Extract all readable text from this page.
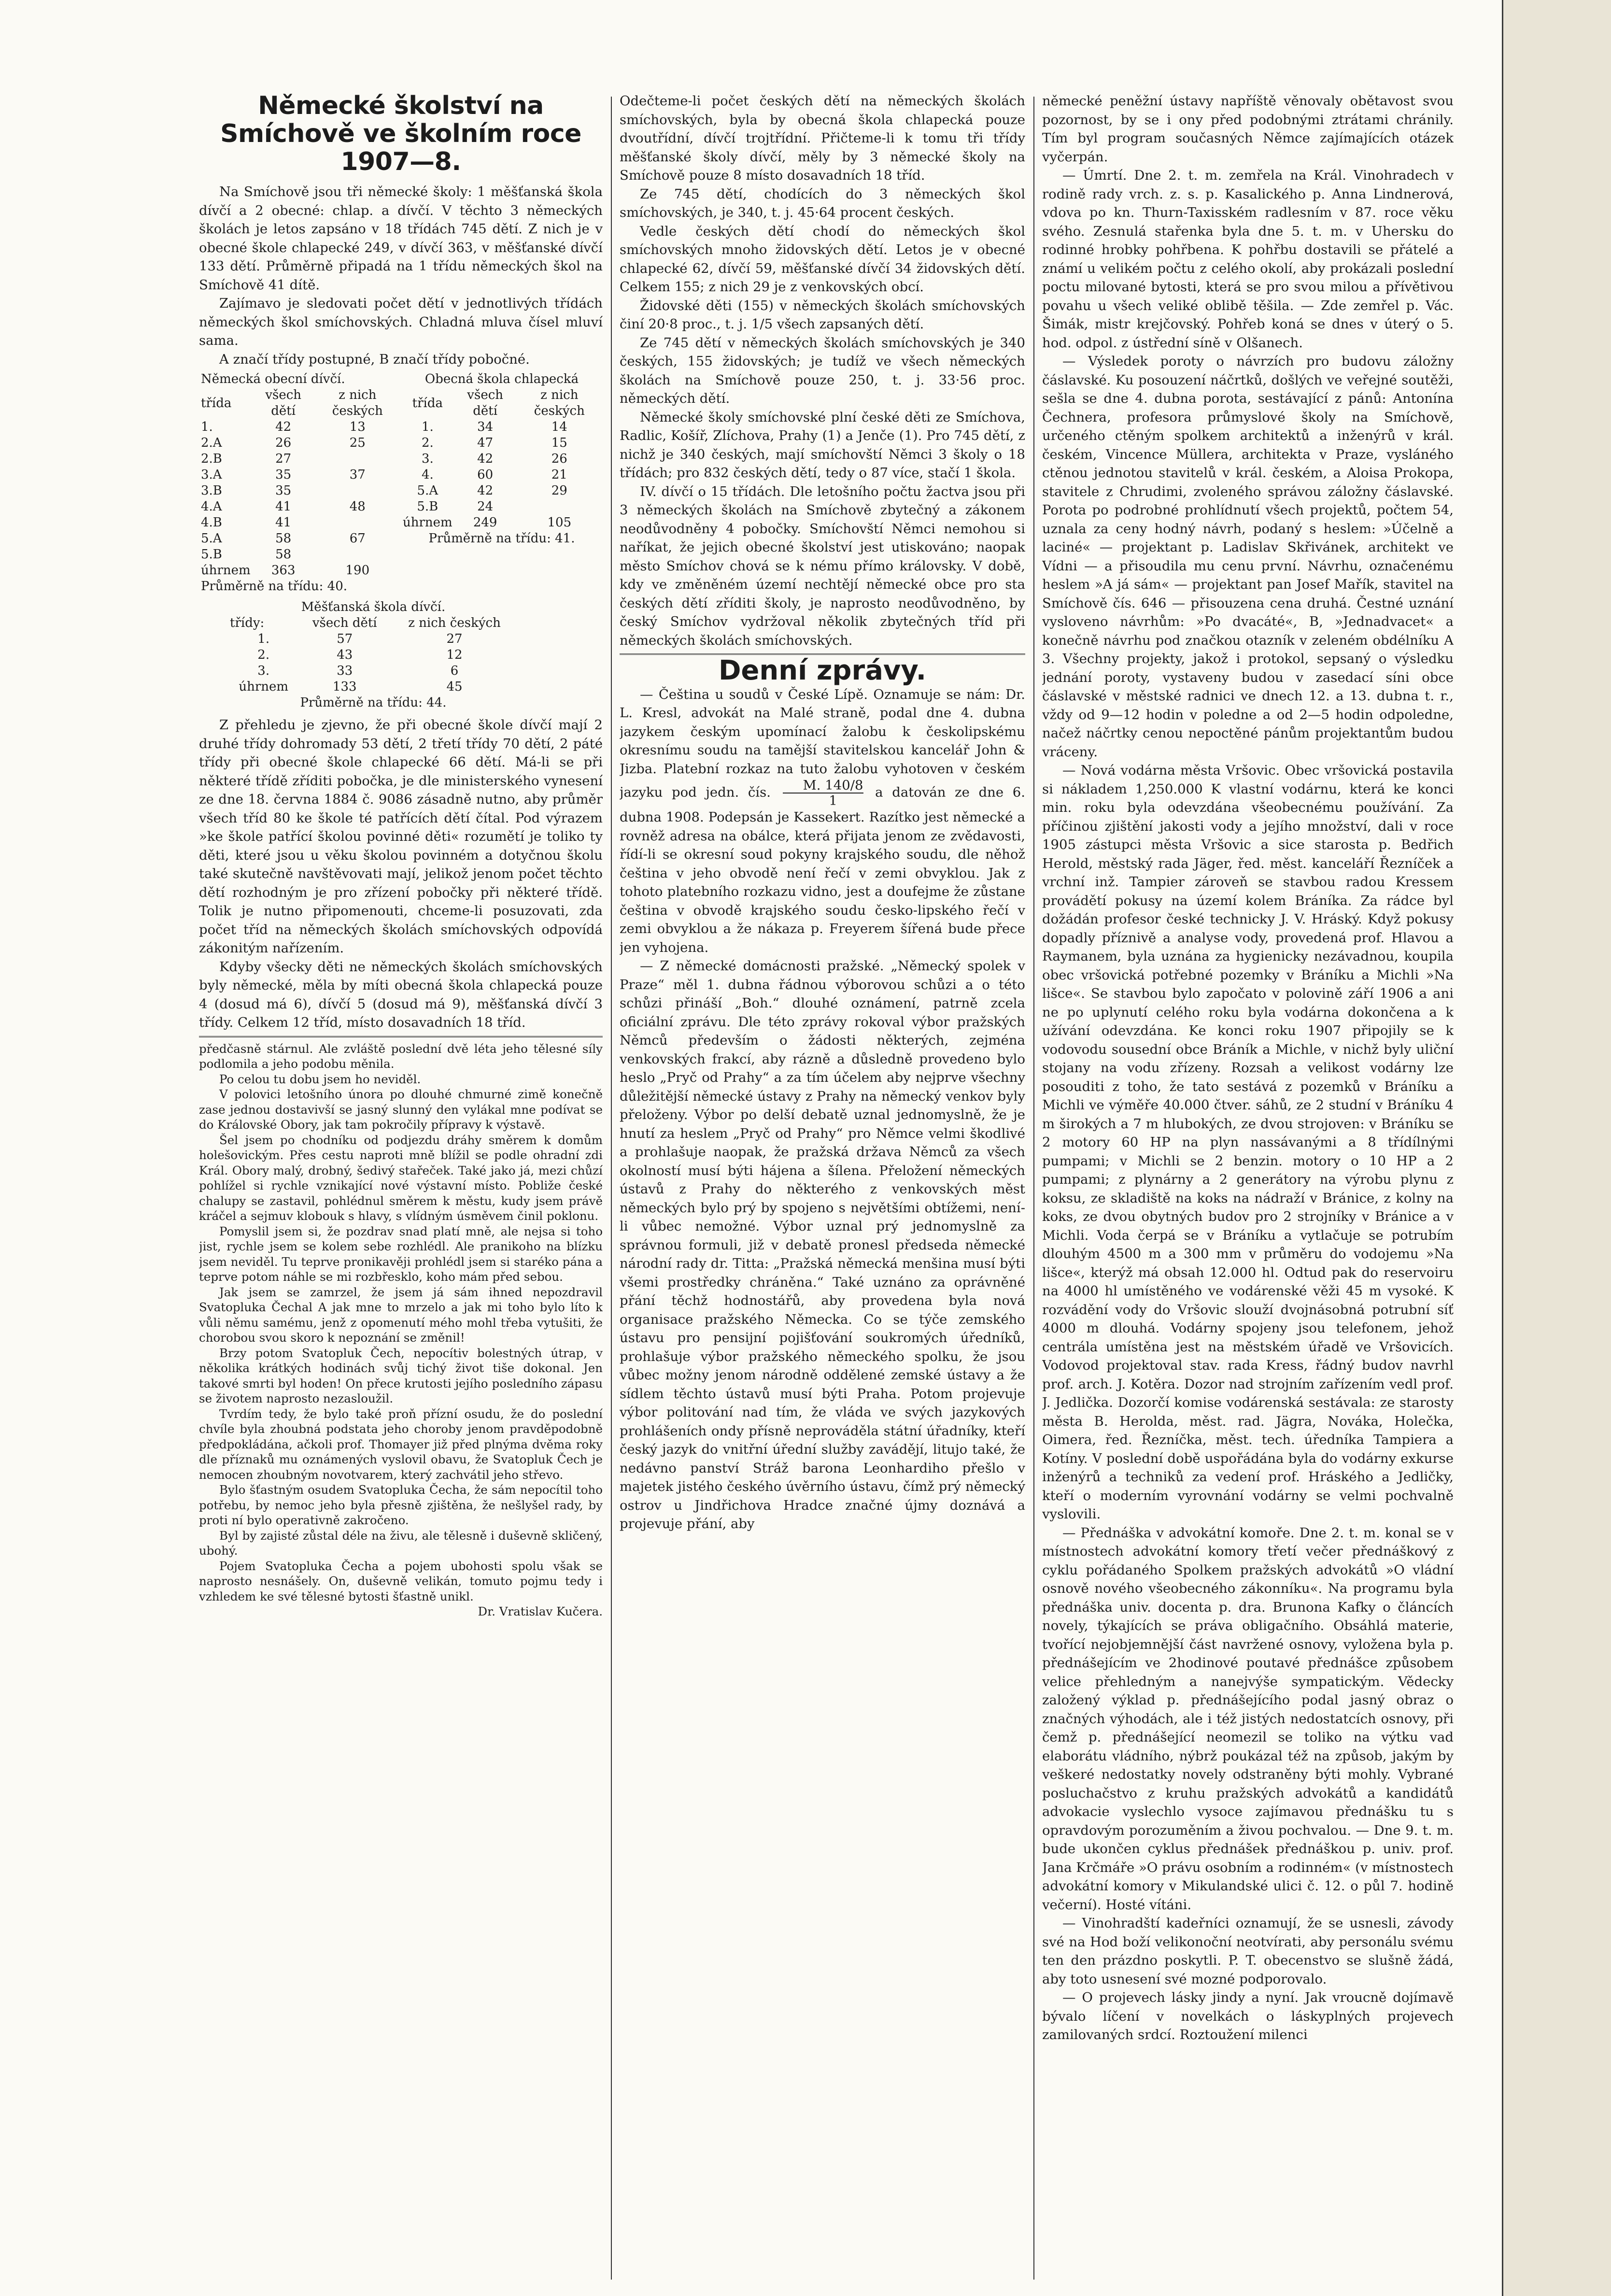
Německé školství na Smíchově ve školním roce 1907—8.

Na Smíchově jsou tři německé školy: 1 měšťanská škola dívčí a 2 obecné: chlap. a dívčí. V těchto 3 německých školách je letos zapsáno v 18 třídách 745 dětí. Z nich je v obecné škole chlapecké 249, v dívčí 363, v měšťanské dívčí 133 dětí. Průměrně připadá na 1 třídu německých škol na Smíchově 41 dítě.

Zajímavo je sledovati počet dětí v jednotlivých třídách německých škol smíchovských. Chladná mluva čísel mluví sama.

A značí třídy postupné, B značí třídy pobočné.

Německá obecní dívčí.			Obecná škola chlapecká		
třída	všech dětí	z nich českých	třída	všech dětí	z nich českých
1.	42	13	1.	34	14
2.A	26	25	2.	47	15
2.B	27		3.	42	26
3.A	35	37	4.	60	21
3.B	35		5.A	42	29
4.A	41	48	5.B	24	
4.B	41		úhrnem	249	105
5.A	58	67	Průměrně na třídu: 41.		
5.B	58				
úhrnem	363	190			
Průměrně na třídu: 40.					
Měšťanská škola dívčí.		
třídy:	všech dětí	z nich českých
1.	57	27
2.	43	12
3.	33	6
úhrnem	133	45
Průměrně na třídu: 44.		

Z přehledu je zjevno, že při obecné škole dívčí mají 2 druhé třídy dohromady 53 dětí, 2 třetí třídy 70 dětí, 2 páté třídy při obecné škole chlapecké 66 dětí. Má-li se při některé třídě zříditi pobočka, je dle ministerského vynesení ze dne 18. června 1884 č. 9086 zásadně nutno, aby průměr všech tříd 80 ke škole té patřících dětí čítal. Pod výrazem »ke škole patřící školou povinné děti« rozumětí je toliko ty děti, které jsou u věku školou povinném a dotyčnou školu také skutečně navštěvovati mají, jelikož jenom počet těchto dětí rozhodným je pro zřízení pobočky při některé třídě. Tolik je nutno připomenouti, chceme-li posuzovati, zda počet tříd na německých školách smíchovských odpovídá zákonitým nařízením.

Kdyby všecky děti ne německých školách smíchovských byly německé, měla by míti obecná škola chlapecká pouze 4 (dosud má 6), dívčí 5 (dosud má 9), měšťanská dívčí 3 třídy. Celkem 12 tříd, místo dosavadních 18 tříd.

předčasně stárnul. Ale zvláště poslední dvě léta jeho tělesné síly podlomila a jeho podobu měnila.

Po celou tu dobu jsem ho neviděl.

V polovici letošního února po dlouhé chmurné zimě konečně zase jednou dostavivší se jasný slunný den vylákal mne podívat se do Královské Obory, jak tam pokročily přípravy k výstavě.

Šel jsem po chodníku od podjezdu dráhy směrem k domům holešovickým. Přes cestu naproti mně blížil se podle ohradní zdi Král. Obory malý, drobný, šedivý stařeček. Také jako já, mezi chůzí pohlížel si rychle vznikající nové výstavní místo. Pobliže české chalupy se zastavil, pohlédnul směrem k městu, kudy jsem právě kráčel a sejmuv klobouk s hlavy, s vlídným úsměvem činil poklonu.

Pomyslil jsem si, že pozdrav snad platí mně, ale nejsa si toho jist, rychle jsem se kolem sebe rozhlédl. Ale pranikoho na blízku jsem neviděl. Tu teprve pronikavěji prohlédl jsem si staréko pána a teprve potom náhle se mi rozbřesklo, koho mám před sebou.

Jak jsem se zamrzel, že jsem já sám ihned nepozdravil Svatopluka Čechal A jak mne to mrzelo a jak mi toho bylo líto k vůli němu samému, jenž z opomenutí mého mohl třeba vytušiti, že chorobou svou skoro k nepoznání se změnil!

Brzy potom Svatopluk Čech, nepocítiv bolestných útrap, v několika krátkých hodinách svůj tichý život tiše dokonal. Jen takové smrti byl hoden! On přece krutosti jejího posledního zápasu se životem naprosto nezasloužil.

Tvrdím tedy, že bylo také proň přízní osudu, že do poslední chvíle byla zhoubná podstata jeho choroby jenom pravděpodobně předpokládána, ačkoli prof. Thomayer již před plnýma dvěma roky dle příznaků mu oznámených vyslovil obavu, že Svatopluk Čech je nemocen zhoubným novotvarem, který zachvátil jeho střevo.

Bylo šťastným osudem Svatopluka Čecha, že sám nepocítil toho potřebu, by nemoc jeho byla přesně zjištěna, že nešlyšel rady, by proti ní bylo operativně zakročeno.

Byl by zajisté zůstal déle na živu, ale tělesně i duševně skličený, ubohý.

Pojem Svatopluka Čecha a pojem ubohosti spolu však se naprosto nesnášely. On, duševně velikán, tomuto pojmu tedy i vzhledem ke své tělesné bytosti šťastně unikl.

Dr. Vratislav Kučera.

Odečteme-li počet českých dětí na německých školách smíchovských, byla by obecná škola chlapecká pouze dvoutřídní, dívčí trojtřídní. Přičteme-li k tomu tři třídy měšťanské školy dívčí, měly by 3 německé školy na Smíchově pouze 8 místo dosavadních 18 tříd.

Ze 745 dětí, chodících do 3 německých škol smíchovských, je 340, t. j. 45·64 procent českých.

Vedle českých dětí chodí do německých škol smíchovských mnoho židovských dětí. Letos je v obecné chlapecké 62, dívčí 59, měšťanské dívčí 34 židovských dětí. Celkem 155; z nich 29 je z venkovských obcí.

Židovské děti (155) v německých školách smíchovských činí 20·8 proc., t. j. 1/5 všech zapsaných dětí.

Ze 745 dětí v německých školách smíchovských je 340 českých, 155 židovských; je tudíž ve všech německých školách na Smíchově pouze 250, t. j. 33·56 proc. německých dětí.

Německé školy smíchovské plní české děti ze Smíchova, Radlic, Košíř, Zlíchova, Prahy (1) a Jenče (1). Pro 745 dětí, z nichž je 340 českých, mají smíchovští Němci 3 školy o 18 třídách; pro 832 českých dětí, tedy o 87 více, stačí 1 škola.

IV. dívčí o 15 třídách. Dle letošního počtu žactva jsou při 3 německých školách na Smíchově zbytečný a zákonem neodůvodněny 4 pobočky. Smíchovští Němci nemohou si naříkat, že jejich obecné školství jest utiskováno; naopak město Smíchov chová se k nému přímo královsky. V době, kdy ve změněném území nechtějí německé obce pro sta českých dětí zříditi školy, je naprosto neodůvodněno, by český Smíchov vydržoval několik zbytečných tříd při německých školách smíchovských.

Denní zprávy.

— Čeština u soudů v České Lípě. Oznamuje se nám: Dr. L. Kresl, advokát na Malé straně, podal dne 4. dubna jazykem českým upomínací žalobu k českolipskému okresnímu soudu na tamější stavitelskou kancelář John & Jizba. Platební rozkaz na tuto žalobu vyhotoven v českém jazyku pod jedn. čís. $\frac{M. 140/8}{1}$ a datován ze dne 6. dubna 1908. Podepsán je Kassekert. Razítko jest německé a rovněž adresa na obálce, která přijata jenom ze zvědavosti, řídí-li se okresní soud pokyny krajského soudu, dle něhož čeština v jeho obvodě není řečí v zemi obvyklou. Jak z tohoto platebního rozkazu vidno, jest a doufejme že zůstane čeština v obvodě krajského soudu česko-lipského řečí v zemi obvyklou a že nákaza p. Freyerem šířená bude přece jen vyhojena.

— Z německé domácnosti pražské. „Německý spolek v Praze“ měl 1. dubna řádnou výborovou schůzi a o této schůzi přináší „Boh.“ dlouhé oznámení, patrně zcela oficiální zprávu. Dle této zprávy rokoval výbor pražských Němců především o žádosti některých, zejména venkovských frakcí, aby rázně a důsledně provedeno bylo heslo „Pryč od Prahy“ a za tím účelem aby nejprve všechny důležitější německé ústavy z Prahy na německý venkov byly přeloženy. Výbor po delší debatě uznal jednomyslně, že je hnutí za heslem „Pryč od Prahy“ pro Němce velmi škodlivé a prohlašuje naopak, že pražská država Němců za všech okolností musí býti hájena a šílena. Přeložení německých ústavů z Prahy do některého z venkovských měst německých bylo prý by spojeno s největšími obtížemi, není-li vůbec nemožné. Výbor uznal prý jednomyslně za správnou formuli, již v debatě pronesl předseda německé národní rady dr. Titta: „Pražská německá menšina musí býti všemi prostředky chráněna.“ Také uznáno za oprávněné přání těchž hodnostářů, aby provedena byla nová organisace pražského Německa. Co se týče zemského ústavu pro pensijní pojišťování soukromých úředníků, prohlašuje výbor pražského německého spolku, že jsou vůbec možny jenom národně oddělené zemské ústavy a že sídlem těchto ústavů musí býti Praha. Potom projevuje výbor politování nad tím, že vláda ve svých jazykových prohlášeních ondy přísně neprováděla státní úřadníky, kteří český jazyk do vnitřní úřední služby zavádějí, litujo také, že nedávno panství Stráž barona Leonhardiho přešlo v majetek jistého českého úvěrního ústavu, čímž prý německý ostrov u Jindřichova Hradce značné újmy doznává a projevuje přání, aby

německé peněžní ústavy napříště věnovaly obětavost svou pozornost, by se i ony před podobnými ztrátami chránily. Tím byl program současných Němce zajímajících otázek vyčerpán.

— Úmrtí. Dne 2. t. m. zemřela na Král. Vinohradech v rodině rady vrch. z. s. p. Kasalického p. Anna Lindnerová, vdova po kn. Thurn-Taxisském radlesním v 87. roce věku svého. Zesnulá stařenka byla dne 5. t. m. v Uhersku do rodinné hrobky pohřbena. K pohřbu dostavili se přátelé a známí u velikém počtu z celého okolí, aby prokázali poslední poctu milované bytosti, která se pro svou milou a přívětivou povahu u všech veliké oblibě těšila. — Zde zemřel p. Vác. Šimák, mistr krejčovský. Pohřeb koná se dnes v úterý o 5. hod. odpol. z ústřední síně v Olšanech.

— Výsledek poroty o návrzích pro budovu záložny čáslavské. Ku posouzení náčrtků, došlých ve veřejné soutěži, sešla se dne 4. dubna porota, sestávající z pánů: Antonína Čechnera, profesora průmyslové školy na Smíchově, určeného ctěným spolkem architektů a inženýrů v král. českém, Vincence Müllera, architekta v Praze, vysláného ctěnou jednotou stavitelů v král. českém, a Aloisa Prokopa, stavitele z Chrudimi, zvoleného správou záložny čáslavské. Porota po podrobné prohlídnutí všech projektů, počtem 54, uznala za ceny hodný návrh, podaný s heslem: »Účelně a laciné« — projektant p. Ladislav Skřivánek, architekt ve Vídni — a přisoudila mu cenu první. Návrhu, označenému heslem »A já sám« — projektant pan Josef Mařík, stavitel na Smíchově čís. 646 — přisouzena cena druhá. Čestné uznání vysloveno návrhům: »Po dvacáté«, B, »Jednadvacet« a konečně návrhu pod značkou otazník v zeleném obdélníku A 3. Všechny projekty, jakož i protokol, sepsaný o výsledku jednání poroty, vystaveny budou v zasedací síni obce čáslavské v městské radnici ve dnech 12. a 13. dubna t. r., vždy od 9—12 hodin v poledne a od 2—5 hodin odpoledne, načež náčrtky cenou nepoctěné pánům projektantům budou vráceny.

— Nová vodárna města Vršovic. Obec vršovická postavila si nákladem 1,250.000 K vlastní vodárnu, která ke konci min. roku byla odevzdána všeobecnému používání. Za příčinou zjištění jakosti vody a jejího množství, dali v roce 1905 zástupci města Vršovic a sice starosta p. Bedřich Herold, městský rada Jäger, řed. měst. kanceláří Řezníček a vrchní inž. Tampier zároveň se stavbou radou Kressem provádětí pokusy na území kolem Bráníka. Za rádce byl dožádán profesor české technicky J. V. Hráský. Když pokusy dopadly příznivě a analyse vody, provedená prof. Hlavou a Raymanem, byla uznána za hygienicky nezávadnou, koupila obec vršovická potřebné pozemky v Bráníku a Michli »Na lišce«. Se stavbou bylo započato v polovině září 1906 a ani ne po uplynutí celého roku byla vodárna dokončena a k užívání odevzdána. Ke konci roku 1907 připojily se k vodovodu sousední obce Bráník a Michle, v nichž byly uliční stojany na vodu zřízeny. Rozsah a velikost vodárny lze posouditi z toho, že tato sestává z pozemků v Bráníku a Michli ve výměře 40.000 čtver. sáhů, ze 2 studní v Bráníku 4 m širokých a 7 m hlubokých, ze dvou strojoven: v Bráníku se 2 motory 60 HP na plyn nassávanými a 8 třídílnými pumpami; v Michli se 2 benzin. motory o 10 HP a 2 pumpami; z plynárny a 2 generátory na výrobu plynu z koksu, ze skladiště na koks na nádraží v Bránice, z kolny na koks, ze dvou obytných budov pro 2 strojníky v Bránice a v Michli. Voda čerpá se v Bráníku a vytlačuje se potrubím dlouhým 4500 m a 300 mm v průměru do vodojemu »Na lišce«, kterýž má obsah 12.000 hl. Odtud pak do reservoiru na 4000 hl umístěného ve vodárenské věži 45 m vysoké. K rozvádění vody do Vršovic slouží dvojnásobná potrubní síť 4000 m dlouhá. Vodárny spojeny jsou telefonem, jehož centrála umístěna jest na městském úřadě ve Vršovicích. Vodovod projektoval stav. rada Kress, řádný budov navrhl prof. arch. J. Kotěra. Dozor nad strojním zařízením vedl prof. J. Jedlička. Dozorčí komise vodárenská sestávala: ze starosty města B. Herolda, měst. rad. Jägra, Nováka, Holečka, Oimera, řed. Řezníčka, měst. tech. úředníka Tampiera a Kotíny. V poslední době uspořádána byla do vodárny exkurse inženýrů a techniků za vedení prof. Hráského a Jedličky, kteří o moderním vyrovnání vodárny se velmi pochvalně vyslovili.

— Přednáška v advokátní komoře. Dne 2. t. m. konal se v místnostech advokátní komory třetí večer přednáškový z cyklu pořádaného Spolkem pražských advokátů »O vládní osnově nového všeobecného zákonníku«. Na programu byla přednáška univ. docenta p. dra. Brunona Kafky o článcích novely, týkajících se práva obligačního. Obsáhlá materie, tvořící nejobjemnější část navržené osnovy, vyložena byla p. přednášejícím ve 2hodinové poutavé přednášce způsobem velice přehledným a nanejvýše sympatickým. Vědecky založený výklad p. přednášejícího podal jasný obraz o značných výhodách, ale i též jistých nedostatcích osnovy, při čemž p. přednášející neomezil se toliko na výtku vad elaborátu vládního, nýbrž poukázal též na způsob, jakým by veškeré nedostatky novely odstraněny býti mohly. Vybrané posluchačstvo z kruhu pražských advokátů a kandidátů advokacie vyslechlo vysoce zajímavou přednášku tu s opravdovým porozuměním a živou pochvalou. — Dne 9. t. m. bude ukončen cyklus přednášek přednáškou p. univ. prof. Jana Krčmáře »O právu osobním a rodinném« (v místnostech advokátní komory v Mikulandské ulici č. 12. o půl 7. hodině večerní). Hosté vítáni.

— Vinohradští kadeřníci oznamují, že se usnesli, závody své na Hod boží velikonoční neotvírati, aby personálu svému ten den prázdno poskytli. P. T. obecenstvo se slušně žádá, aby toto usnesení své mozné podporovalo.

— O projevech lásky jindy a nyní. Jak vroucně dojímavě bývalo líčení v novelkách o láskyplných projevech zamilovaných srdcí. Roztoužení milenci
